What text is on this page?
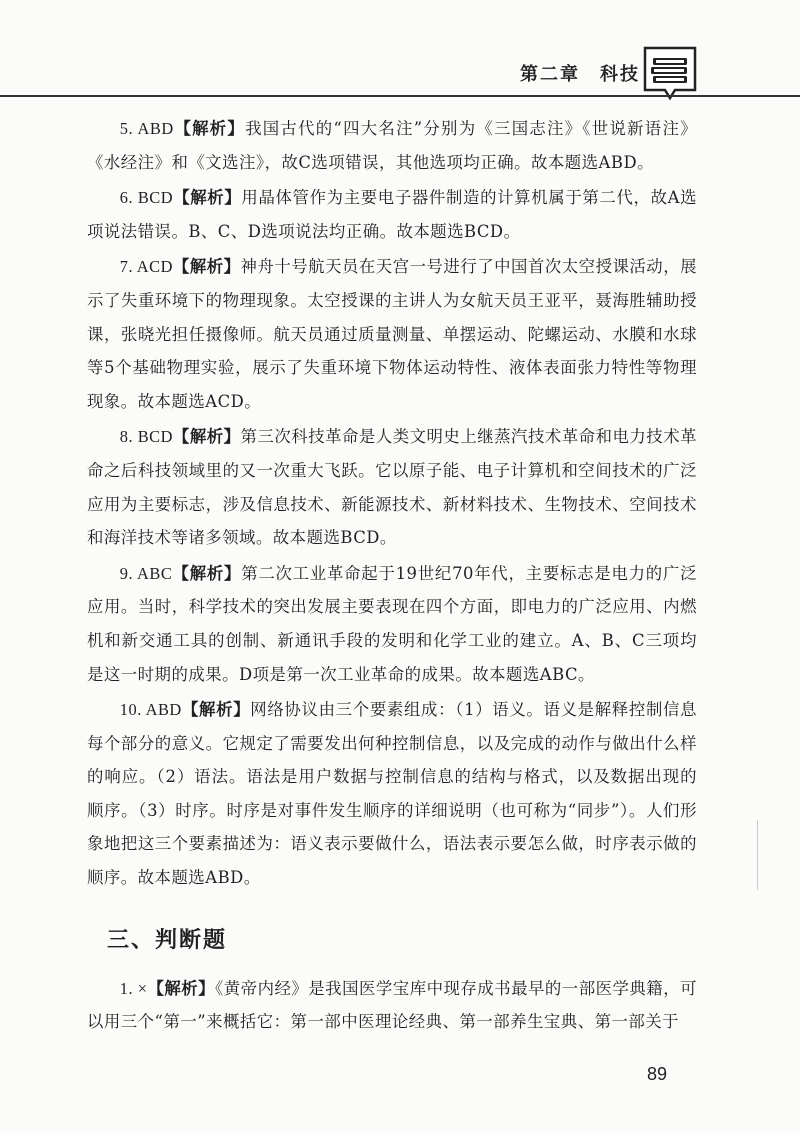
第二章　科技

5. ABD【解析】我国古代的“四大名注”分别为《三国志注》《世说新语注》《水经注》和《文选注》，故C选项错误，其他选项均正确。故本题选ABD。

6. BCD【解析】用晶体管作为主要电子器件制造的计算机属于第二代，故A选项说法错误。B、C、D选项说法均正确。故本题选BCD。

7. ACD【解析】神舟十号航天员在天宫一号进行了中国首次太空授课活动，展示了失重环境下的物理现象。太空授课的主讲人为女航天员王亚平，聂海胜辅助授课，张晓光担任摄像师。航天员通过质量测量、单摆运动、陀螺运动、水膜和水球等5个基础物理实验，展示了失重环境下物体运动特性、液体表面张力特性等物理现象。故本题选ACD。

8. BCD【解析】第三次科技革命是人类文明史上继蒸汽技术革命和电力技术革命之后科技领域里的又一次重大飞跃。它以原子能、电子计算机和空间技术的广泛应用为主要标志，涉及信息技术、新能源技术、新材料技术、生物技术、空间技术和海洋技术等诸多领域。故本题选BCD。

9. ABC【解析】第二次工业革命起于19世纪70年代，主要标志是电力的广泛应用。当时，科学技术的突出发展主要表现在四个方面，即电力的广泛应用、内燃机和新交通工具的创制、新通讯手段的发明和化学工业的建立。A、B、C三项均是这一时期的成果。D项是第一次工业革命的成果。故本题选ABC。

10. ABD【解析】网络协议由三个要素组成：（1）语义。语义是解释控制信息每个部分的意义。它规定了需要发出何种控制信息，以及完成的动作与做出什么样的响应。（2）语法。语法是用户数据与控制信息的结构与格式，以及数据出现的顺序。（3）时序。时序是对事件发生顺序的详细说明（也可称为“同步”）。人们形象地把这三个要素描述为：语义表示要做什么，语法表示要怎么做，时序表示做的顺序。故本题选ABD。

三、判断题

1. ×【解析】《黄帝内经》是我国医学宝库中现存成书最早的一部医学典籍，可以用三个“第一”来概括它：第一部中医理论经典、第一部养生宝典、第一部关于

89
